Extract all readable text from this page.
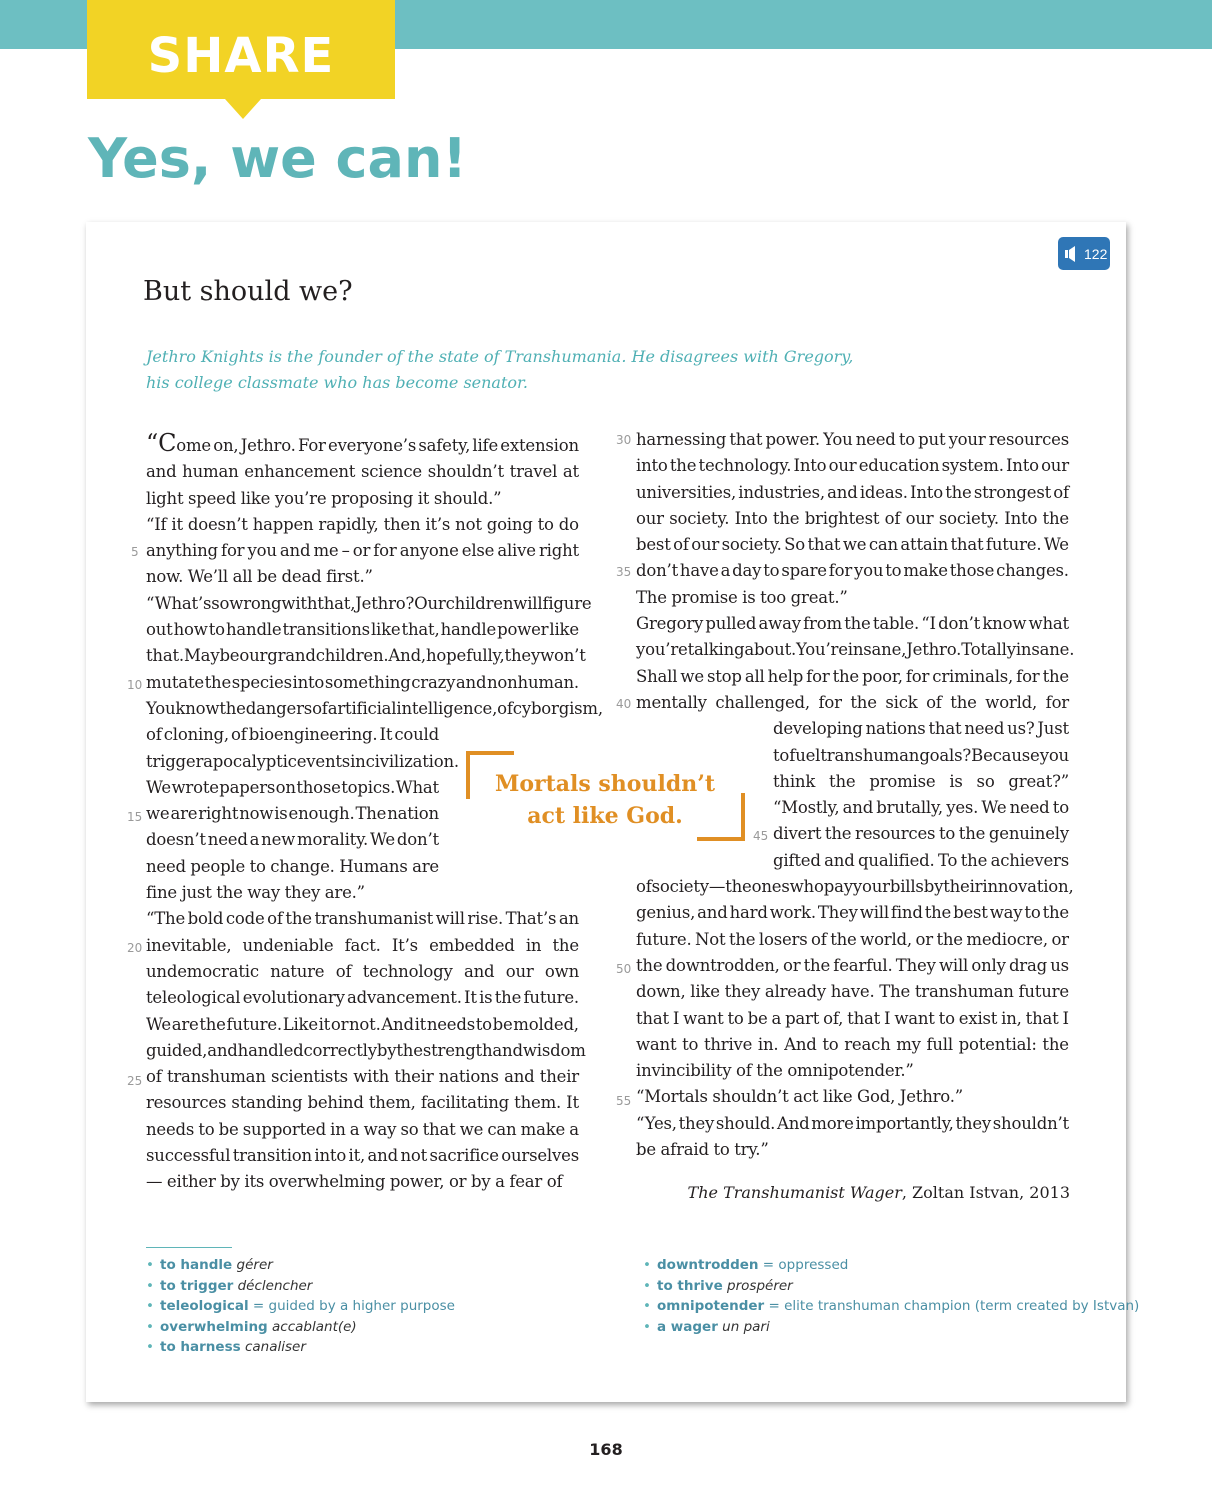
SHARE
Yes, we can!
122
But should we?
Jethro Knights is the founder of the state of Transhumania. He disagrees with Gregory,
his college classmate who has become senator.
“Come on, Jethro. For everyone’s safety, life extension
and human enhancement science shouldn’t travel at
light speed like you’re proposing it should.”
“If it doesn’t happen rapidly, then it’s not going to do
anything for you and me – or for anyone else alive right
now. We’ll all be dead first.”
“What’s so wrong with that, Jethro? Our children will figure
out how to handle transitions like that, handle power like
that. Maybe our grandchildren. And, hopefully, they won’t
mutate the species into something crazy and nonhuman.
You know the dangers of artificial intelligence, of cyborgism,
of cloning, of bioengineering. It could
trigger apocalyptic events in civilization.
We wrote papers on those topics. What
we are right now is enough. The nation
doesn’t need a new morality. We don’t
need people to change. Humans are
fine just the way they are.”
“The bold code of the transhumanist will rise. That’s an
inevitable, undeniable fact. It’s embedded in the
undemocratic nature of technology and our own
teleological evolutionary advancement. It is the future.
We are the future. Like it or not. And it needs to be molded,
guided, and handled correctly by the strength and wisdom
of transhuman scientists with their nations and their
resources standing behind them, facilitating them. It
needs to be supported in a way so that we can make a
successful transition into it, and not sacrifice ourselves
— either by its overwhelming power, or by a fear of
harnessing that power. You need to put your resources
into the technology. Into our education system. Into our
universities, industries, and ideas. Into the strongest of
our society. Into the brightest of our society. Into the
best of our society. So that we can attain that future. We
don’t have a day to spare for you to make those changes.
The promise is too great.”
Gregory pulled away from the table. “I don’t know what
you’re talking about. You’re insane, Jethro. Totally insane.
Shall we stop all help for the poor, for criminals, for the
mentally challenged, for the sick of the world, for
developing nations that need us? Just
to fuel transhuman goals? Because you
think the promise is so great?”
“Mostly, and brutally, yes. We need to
divert the resources to the genuinely
gifted and qualified. To the achievers
of society—the ones who pay your bills by their innovation,
genius, and hard work. They will find the best way to the
future. Not the losers of the world, or the mediocre, or
the downtrodden, or the fearful. They will only drag us
down, like they already have. The transhuman future
that I want to be a part of, that I want to exist in, that I
want to thrive in. And to reach my full potential: the
invincibility of the omnipotender.”
“Mortals shouldn’t act like God, Jethro.”
“Yes, they should. And more importantly, they shouldn’t
be afraid to try.”
5
10
15
20
25
30
35
40
45
50
55
Mortals shouldn’t
act like God.
The Transhumanist Wager, Zoltan Istvan, 2013
• to handle gérer
• to trigger déclencher
• teleological = guided by a higher purpose
• overwhelming accablant(e)
• to harness canaliser
• downtrodden = oppressed
• to thrive prospérer
• omnipotender = elite transhuman champion (term created by Istvan)
• a wager un pari
168
